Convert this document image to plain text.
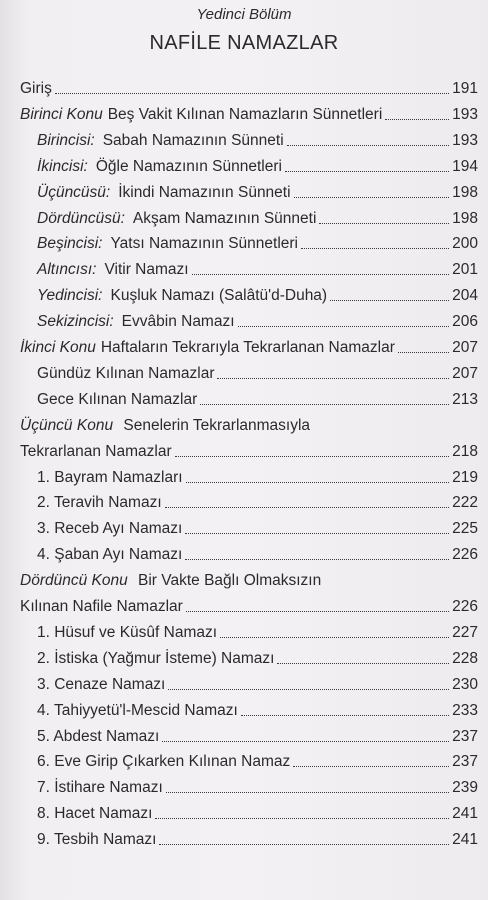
Yedinci Bölüm
NAFİLE NAMAZLAR
Giriş	191
Birinci Konu Beş Vakit Kılınan Namazların Sünnetleri	193
Birincisi: Sabah Namazının Sünneti	193
İkincisi: Öğle Namazının Sünnetleri	194
Üçüncüsü: İkindi Namazının Sünneti	198
Dördüncüsü: Akşam Namazının Sünneti	198
Beşincisi: Yatsı Namazının Sünnetleri	200
Altıncısı: Vitir Namazı	201
Yedincisi: Kuşluk Namazı (Salâtü'd-Duha)	204
Sekizincisi: Evvâbin Namazı	206
İkinci Konu Haftaların Tekrarıyla Tekrarlanan Namazlar	207
Gündüz Kılınan Namazlar	207
Gece Kılınan Namazlar	213
Üçüncü Konu Senelerin Tekrarlanmasıyla
Tekrarlanan Namazlar	218
1. Bayram Namazları	219
2. Teravih Namazı	222
3. Receb Ayı Namazı	225
4. Şaban Ayı Namazı	226
Dördüncü Konu Bir Vakte Bağlı Olmaksızın
Kılınan Nafile Namazlar	226
1. Hüsuf ve Küsûf Namazı	227
2. İstiska (Yağmur İsteme) Namazı	228
3. Cenaze Namazı	230
4. Tahiyyetü'l-Mescid Namazı	233
5. Abdest Namazı	237
6. Eve Girip Çıkarken Kılınan Namaz	237
7. İstihare Namazı	239
8. Hacet Namazı	241
9. Tesbih Namazı	241
